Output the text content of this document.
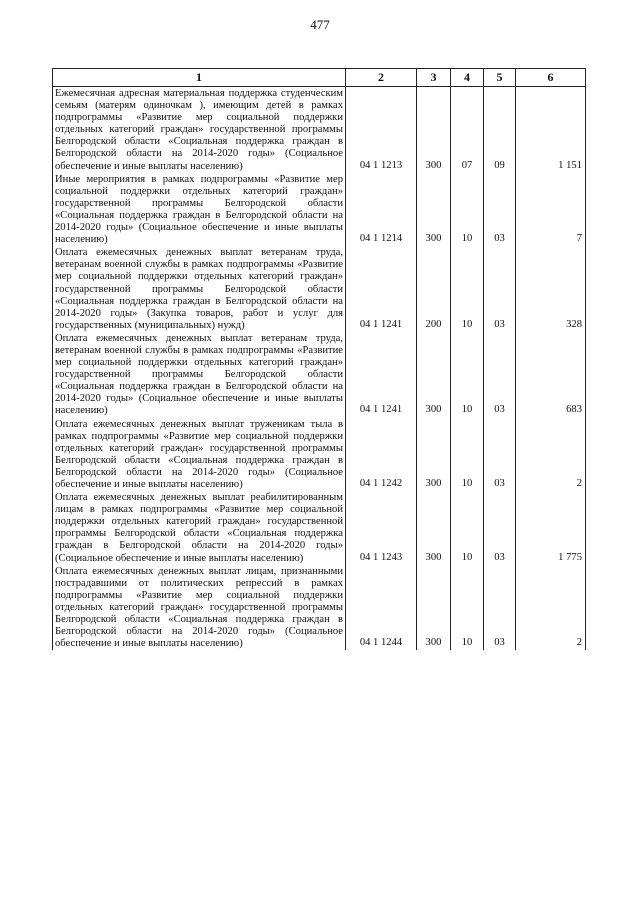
477
1	2	3	4	5	6
Ежемесячная адресная материальная поддержка студенческим семьям (матерям одиночкам ), имеющим детей в рамках подпрограммы «Развитие мер социальной поддержки отдельных категорий граждан» государственной программы Белгородской области «Социальная поддержка граждан в Белгородской области на 2014-2020 годы» (Социальное обеспечение и иные выплаты населению)	04 1 1213	300	07	09	1 151
Иные мероприятия в рамках подпрограммы «Развитие мер социальной поддержки отдельных категорий граждан» государственной программы Белгородской области «Социальная поддержка граждан в Белгородской области на 2014-2020 годы» (Социальное обеспечение и иные выплаты населению)	04 1 1214	300	10	03	7
Оплата ежемесячных денежных выплат ветеранам труда, ветеранам военной службы в рамках подпрограммы «Развитие мер социальной поддержки отдельных категорий граждан» государственной программы Белгородской области «Социальная поддержка граждан в Белгородской области на 2014-2020 годы» (Закупка товаров, работ и услуг для государственных (муниципальных) нужд)	04 1 1241	200	10	03	328
Оплата ежемесячных денежных выплат ветеранам труда, ветеранам военной службы в рамках подпрограммы «Развитие мер социальной поддержки отдельных категорий граждан» государственной программы Белгородской области «Социальная поддержка граждан в Белгородской области на 2014-2020 годы» (Социальное обеспечение и иные выплаты населению)	04 1 1241	300	10	03	683
Оплата ежемесячных денежных выплат труженикам тыла в рамках подпрограммы «Развитие мер социальной поддержки отдельных категорий граждан» государственной программы Белгородской области «Социальная поддержка граждан в Белгородской области на 2014-2020 годы» (Социальное обеспечение и иные выплаты населению)	04 1 1242	300	10	03	2
Оплата ежемесячных денежных выплат реабилитированным лицам в рамках подпрограммы «Развитие мер социальной поддержки отдельных категорий граждан» государственной программы Белгородской области «Социальная поддержка граждан в Белгородской области на 2014-2020 годы» (Социальное обеспечение и иные выплаты населению)	04 1 1243	300	10	03	1 775
Оплата ежемесячных денежных выплат лицам, признанными пострадавшими от политических репрессий в рамках подпрограммы «Развитие мер социальной поддержки отдельных категорий граждан» государственной программы Белгородской области «Социальная поддержка граждан в Белгородской области на 2014-2020 годы» (Социальное обеспечение и иные выплаты населению)	04 1 1244	300	10	03	2
